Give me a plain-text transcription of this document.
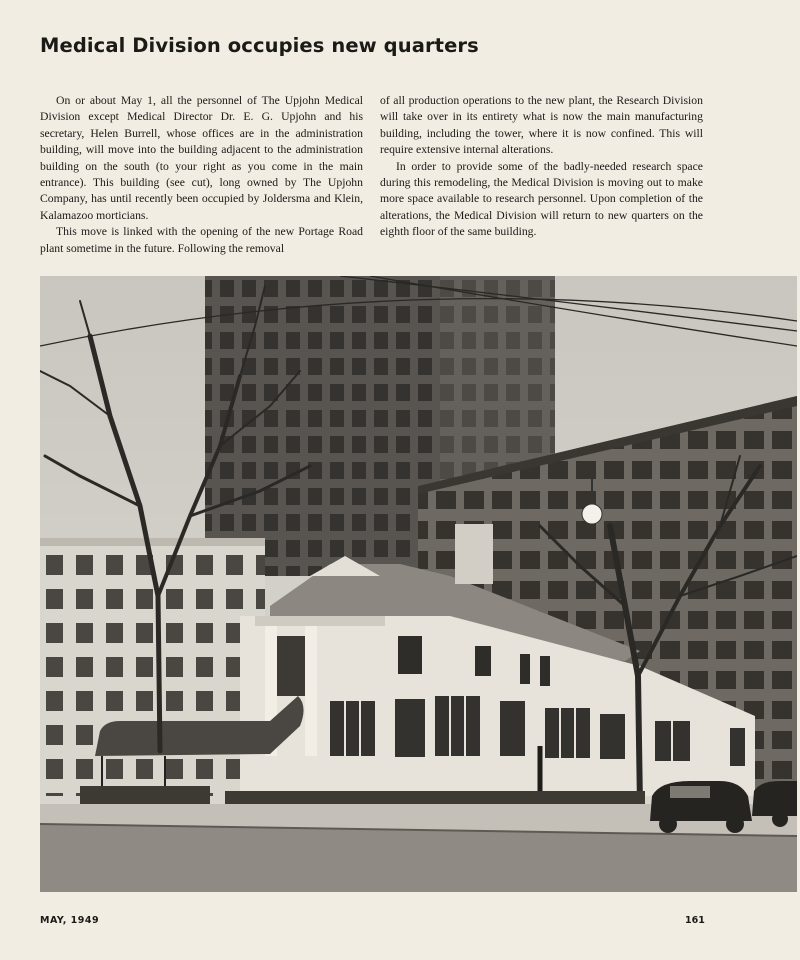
Medical Division occupies new quarters

On or about May 1, all the personnel of The Upjohn Medical Division except Medical Director Dr. E. G. Upjohn and his secretary, Helen Burrell, whose offices are in the administration building, will move into the building adjacent to the administration building on the south (to your right as you come in the main entrance). This building (see cut), long owned by The Upjohn Company, has until recently been occupied by Joldersma and Klein, Kalamazoo morticians.

This move is linked with the opening of the new Portage Road plant sometime in the future. Following the removal

of all production operations to the new plant, the Research Division will take over in its entirety what is now the main manufacturing building, including the tower, where it is now confined. This will require extensive internal alterations.

In order to provide some of the badly-needed research space during this remodeling, the Medical Division is moving out to make more space available to research personnel. Upon completion of the alterations, the Medical Division will return to new quarters on the eighth floor of the same building.

MAY, 1949	161
